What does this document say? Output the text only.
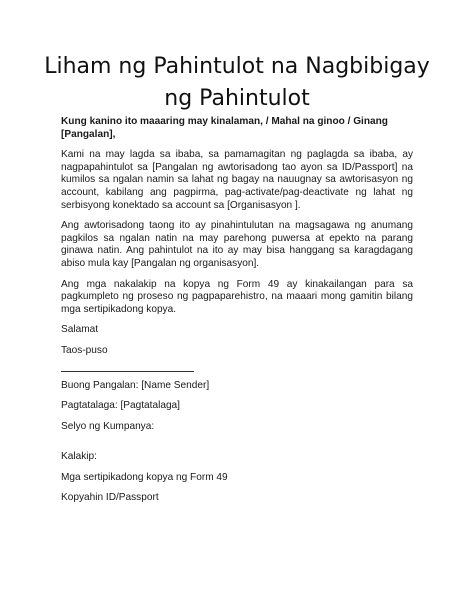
Liham ng Pahintulot na Nagbibigay ng Pahintulot

Kung kanino ito maaaring may kinalaman, / Mahal na ginoo / Ginang [Pangalan],

Kami na may lagda sa ibaba, sa pamamagitan ng paglagda sa ibaba, ay nagpapahintulot sa [Pangalan ng awtorisadong tao ayon sa ID/Passport] na kumilos sa ngalan namin sa lahat ng bagay na nauugnay sa awtorisasyon ng account, kabilang ang pagpirma, pag-activate/pag-deactivate ng lahat ng serbisyong konektado sa account sa [Organisasyon ].

Ang awtorisadong taong ito ay pinahintulutan na magsagawa ng anumang pagkilos sa ngalan natin na may parehong puwersa at epekto na parang ginawa natin. Ang pahintulot na ito ay may bisa hanggang sa karagdagang abiso mula kay [Pangalan ng organisasyon].

Ang mga nakalakip na kopya ng Form 49 ay kinakailangan para sa pagkumpleto ng proseso ng pagpaparehistro, na maaari mong gamitin bilang mga sertipikadong kopya.

Salamat

Taos-puso

Buong Pangalan: [Name Sender]

Pagtatalaga: [Pagtatalaga]

Selyo ng Kumpanya:

Kalakip:

Mga sertipikadong kopya ng Form 49

Kopyahin ID/Passport
